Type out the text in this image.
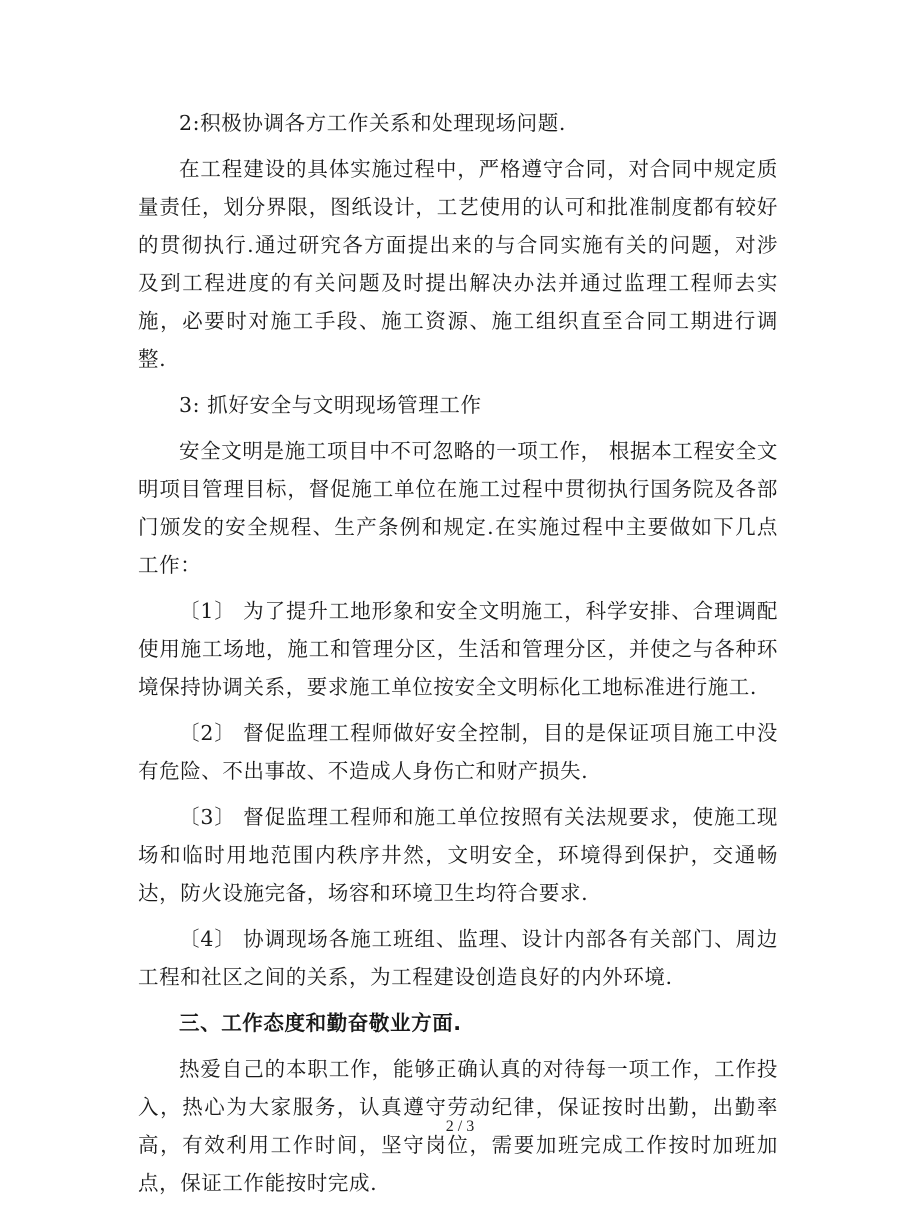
2:积极协调各方工作关系和处理现场问题.

在工程建设的具体实施过程中，严格遵守合同，对合同中规定质量责任，划分界限，图纸设计，工艺使用的认可和批准制度都有较好的贯彻执行.通过研究各方面提出来的与合同实施有关的问题，对涉及到工程进度的有关问题及时提出解决办法并通过监理工程师去实施，必要时对施工手段、施工资源、施工组织直至合同工期进行调整.

3: 抓好安全与文明现场管理工作

安全文明是施工项目中不可忽略的一项工作， 根据本工程安全文明项目管理目标，督促施工单位在施工过程中贯彻执行国务院及各部门颁发的安全规程、生产条例和规定.在实施过程中主要做如下几点工作：

〔1〕 为了提升工地形象和安全文明施工，科学安排、合理调配使用施工场地，施工和管理分区，生活和管理分区，并使之与各种环境保持协调关系，要求施工单位按安全文明标化工地标准进行施工.

〔2〕 督促监理工程师做好安全控制，目的是保证项目施工中没有危险、不出事故、不造成人身伤亡和财产损失.

〔3〕 督促监理工程师和施工单位按照有关法规要求，使施工现场和临时用地范围内秩序井然，文明安全，环境得到保护，交通畅达，防火设施完备，场容和环境卫生均符合要求.

〔4〕 协调现场各施工班组、监理、设计内部各有关部门、周边工程和社区之间的关系，为工程建设创造良好的内外环境.

三、工作态度和勤奋敬业方面.

热爱自己的本职工作，能够正确认真的对待每一项工作，工作投入，热心为大家服务，认真遵守劳动纪律，保证按时出勤，出勤率高，有效利用工作时间，坚守岗位，需要加班完成工作按时加班加点，保证工作能按时完成.

2 / 3
